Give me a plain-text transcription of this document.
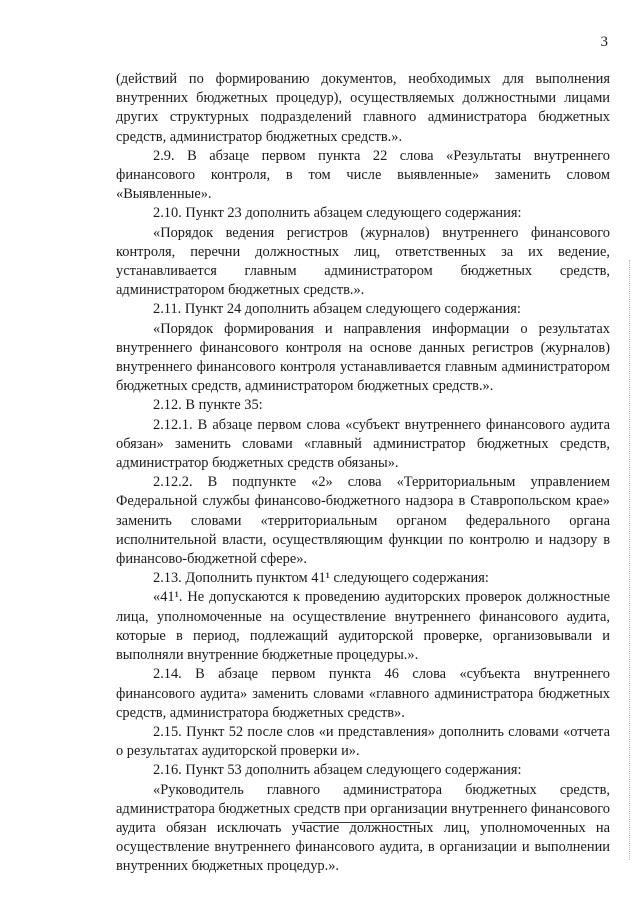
3

(действий по формированию документов, необходимых для выполнения внутренних бюджетных процедур), осуществляемых должностными лицами других структурных подразделений главного администратора бюджетных средств, администратор бюджетных средств.».

2.9. В абзаце первом пункта 22 слова «Результаты внутреннего финансового контроля, в том числе выявленные» заменить словом «Выявленные».

2.10. Пункт 23 дополнить абзацем следующего содержания:

«Порядок ведения регистров (журналов) внутреннего финансового контроля, перечни должностных лиц, ответственных за их ведение, устанавливается главным администратором бюджетных средств, администратором бюджетных средств.».

2.11. Пункт 24 дополнить абзацем следующего содержания:

«Порядок формирования и направления информации о результатах внутреннего финансового контроля на основе данных регистров (журналов) внутреннего финансового контроля устанавливается главным администратором бюджетных средств, администратором бюджетных средств.».

2.12. В пункте 35:

2.12.1. В абзаце первом слова «субъект внутреннего финансового аудита обязан» заменить словами «главный администратор бюджетных средств, администратор бюджетных средств обязаны».

2.12.2. В подпункте «2» слова «Территориальным управлением Федеральной службы финансово-бюджетного надзора в Ставропольском крае» заменить словами «территориальным органом федерального органа исполнительной власти, осуществляющим функции по контролю и надзору в финансово-бюджетной сфере».

2.13. Дополнить пунктом 41¹ следующего содержания:

«41¹. Не допускаются к проведению аудиторских проверок должностные лица, уполномоченные на осуществление внутреннего финансового аудита, которые в период, подлежащий аудиторской проверке, организовывали и выполняли внутренние бюджетные процедуры.».

2.14. В абзаце первом пункта 46 слова «субъекта внутреннего финансового аудита» заменить словами «главного администратора бюджетных средств, администратора бюджетных средств».

2.15. Пункт 52 после слов «и представления» дополнить словами «отчета о результатах аудиторской проверки и».

2.16. Пункт 53 дополнить абзацем следующего содержания:

«Руководитель главного администратора бюджетных средств, администратора бюджетных средств при организации внутреннего финансового аудита обязан исключать участие должностных лиц, уполномоченных на осуществление внутреннего финансового аудита, в организации и выполнении внутренних бюджетных процедур.».
